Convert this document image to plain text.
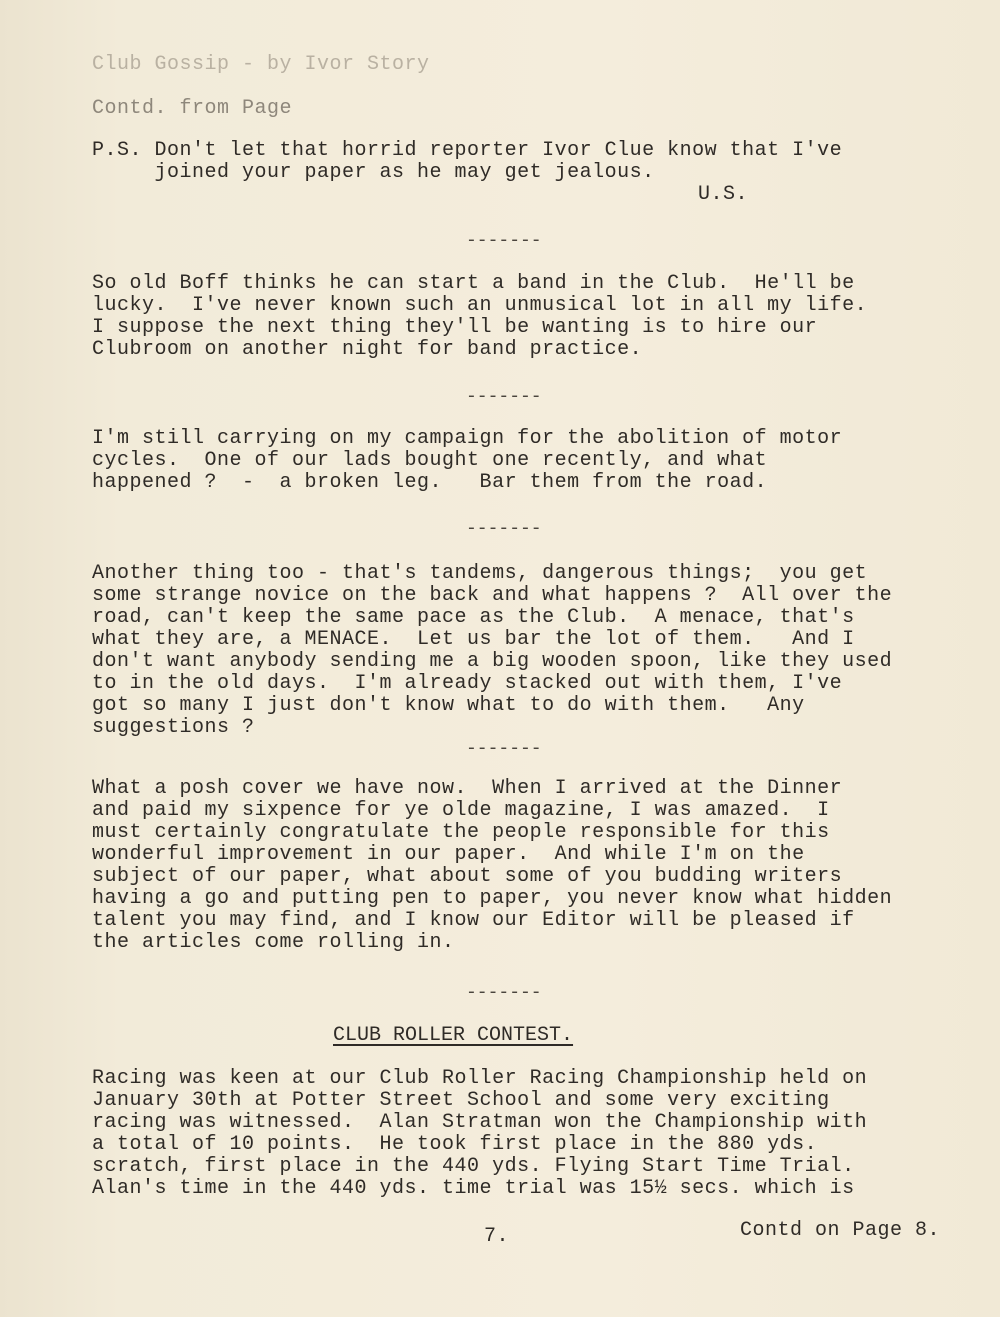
Club Gossip - by Ivor Story
Contd. from Page
P.S. Don't let that horrid reporter Ivor Clue know that I've
joined your paper as he may get jealous.
U.S.
-------
So old Boff thinks he can start a band in the Club.  He'll be
lucky.  I've never known such an unmusical lot in all my life.
I suppose the next thing they'll be wanting is to hire our
Clubroom on another night for band practice.
-------
I'm still carrying on my campaign for the abolition of motor
cycles.  One of our lads bought one recently, and what
happened ?  -  a broken leg.   Bar them from the road.
-------
Another thing too - that's tandems, dangerous things;  you get
some strange novice on the back and what happens ?  All over the
road, can't keep the same pace as the Club.  A menace, that's
what they are, a MENACE.  Let us bar the lot of them.   And I
don't want anybody sending me a big wooden spoon, like they used
to in the old days.  I'm already stacked out with them, I've
got so many I just don't know what to do with them.   Any
suggestions ?
-------
What a posh cover we have now.  When I arrived at the Dinner
and paid my sixpence for ye olde magazine, I was amazed.  I
must certainly congratulate the people responsible for this
wonderful improvement in our paper.  And while I'm on the
subject of our paper, what about some of you budding writers
having a go and putting pen to paper, you never know what hidden
talent you may find, and I know our Editor will be pleased if
the articles come rolling in.
-------
CLUB ROLLER CONTEST.
Racing was keen at our Club Roller Racing Championship held on
January 30th at Potter Street School and some very exciting
racing was witnessed.  Alan Stratman won the Championship with
a total of 10 points.  He took first place in the 880 yds.
scratch, first place in the 440 yds. Flying Start Time Trial.
Alan's time in the 440 yds. time trial was 15½ secs. which is
7.	Contd on Page 8.
